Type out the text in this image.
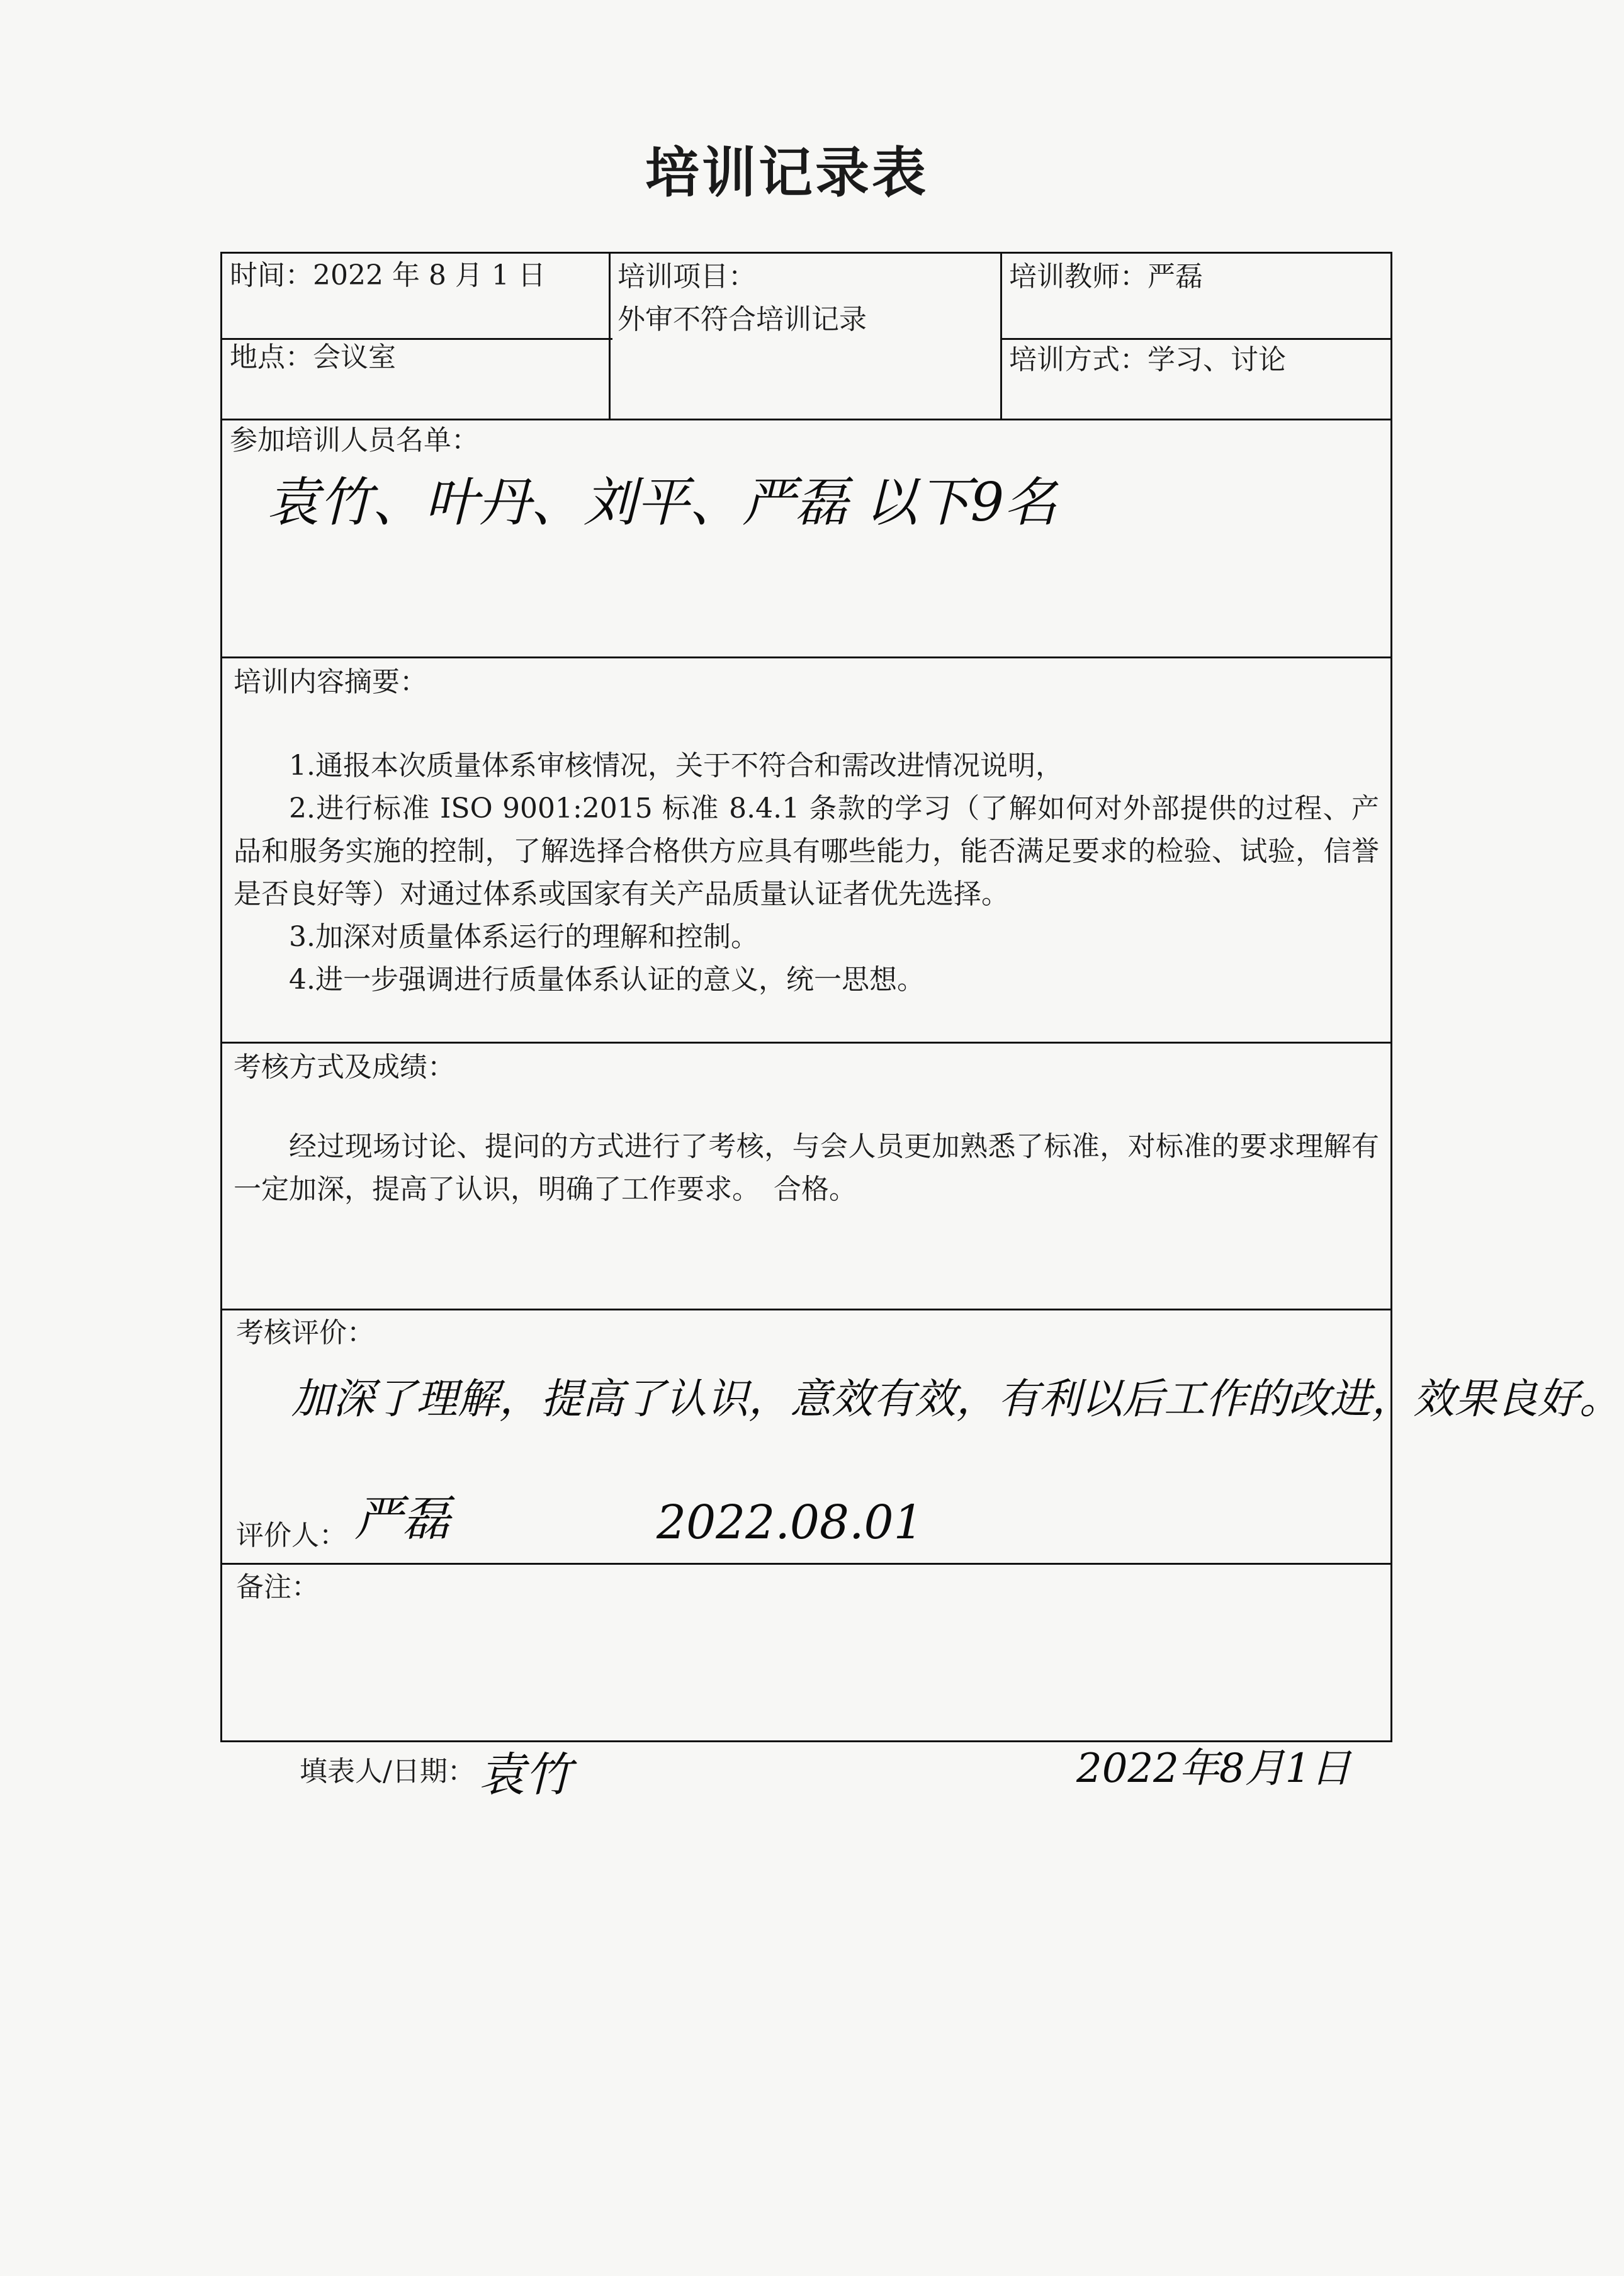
培训记录表
时间：2022 年 8 月 1 日	培训项目：
外审不符合培训记录
培训教师：严磊
地点：会议室	培训方式：学习、讨论
参加培训人员名单：
袁竹、叶丹、刘平、严磊 以下9名
培训内容摘要：
1.通报本次质量体系审核情况，关于不符合和需改进情况说明，
2.进行标准 ISO 9001:2015 标准 8.4.1 条款的学习（了解如何对外部提供的过程、产品和服务实施的控制，了解选择合格供方应具有哪些能力，能否满足要求的检验、试验，信誉是否良好等）对通过体系或国家有关产品质量认证者优先选择。
3.加深对质量体系运行的理解和控制。
4.进一步强调进行质量体系认证的意义，统一思想。
考核方式及成绩：
经过现场讨论、提问的方式进行了考核，与会人员更加熟悉了标准，对标准的要求理解有一定加深，提高了认识，明确了工作要求。　合格。
考核评价：
加深了理解，提高了认识，意效有效，有利以后工作的改进，效果良好。
评价人： 严磊	2022.08.01
备注：
填表人/日期： 袁竹	2022年8月1日
